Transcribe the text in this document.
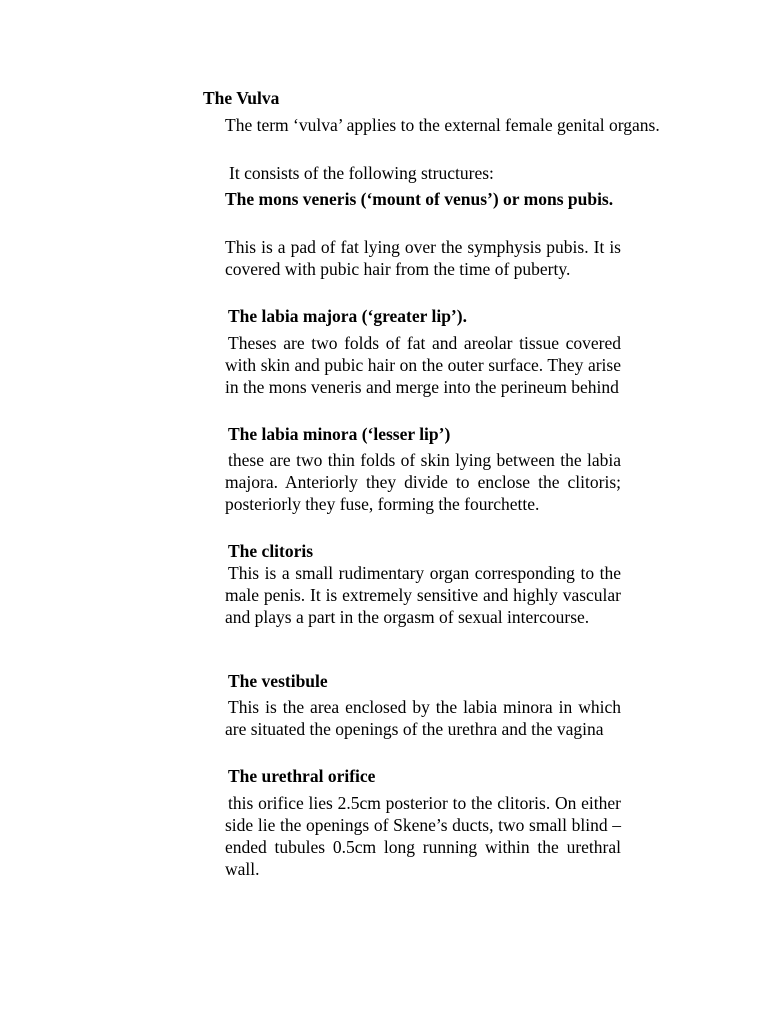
The Vulva

The term ‘vulva’ applies to the external female genital organs.

It consists of the following structures:

The mons veneris (‘mount of venus’) or mons pubis.

This is a pad of fat lying over the symphysis pubis. It is covered with pubic hair from the time of puberty.

The labia majora (‘greater lip’).

Theses are two folds of fat and areolar tissue covered with skin and pubic hair on the outer surface. They arise in the mons veneris and merge into the perineum behind

The labia minora (‘lesser lip’)

these are two thin folds of skin lying between the labia majora. Anteriorly they divide to enclose the clitoris; posteriorly they fuse, forming the fourchette.

The clitoris

This is a small rudimentary organ corresponding to the male penis. It is extremely sensitive and highly vascular and plays a part in the orgasm of sexual intercourse.

The vestibule

This is the area enclosed by the labia minora in which are situated the openings of the urethra and the vagina

The urethral orifice

this orifice lies 2.5cm posterior to the clitoris. On either side lie the openings of Skene’s ducts, two small blind –ended tubules 0.5cm long running within the urethral wall.
